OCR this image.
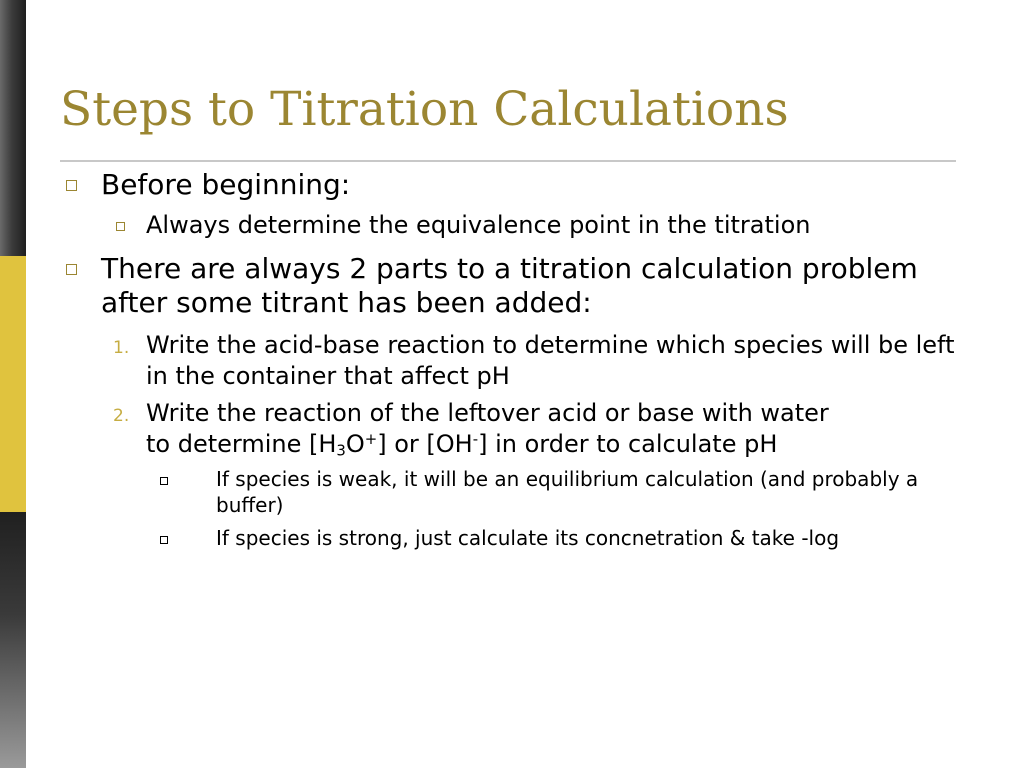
Steps to Titration Calculations
Before beginning:
Always determine the equivalence point in the titration
There are always 2 parts to a titration calculation problem after some titrant has been added:
1. Write the acid-base reaction to determine which species will be left in the container that affect pH
2. Write the reaction of the leftover acid or base with water
to determine $[H_3O^+]$ or [OH-] in order to calculate pH
If species is weak, it will be an equilibrium calculation (and probably a buffer)
If species is strong, just calculate its concnetration & take -log
